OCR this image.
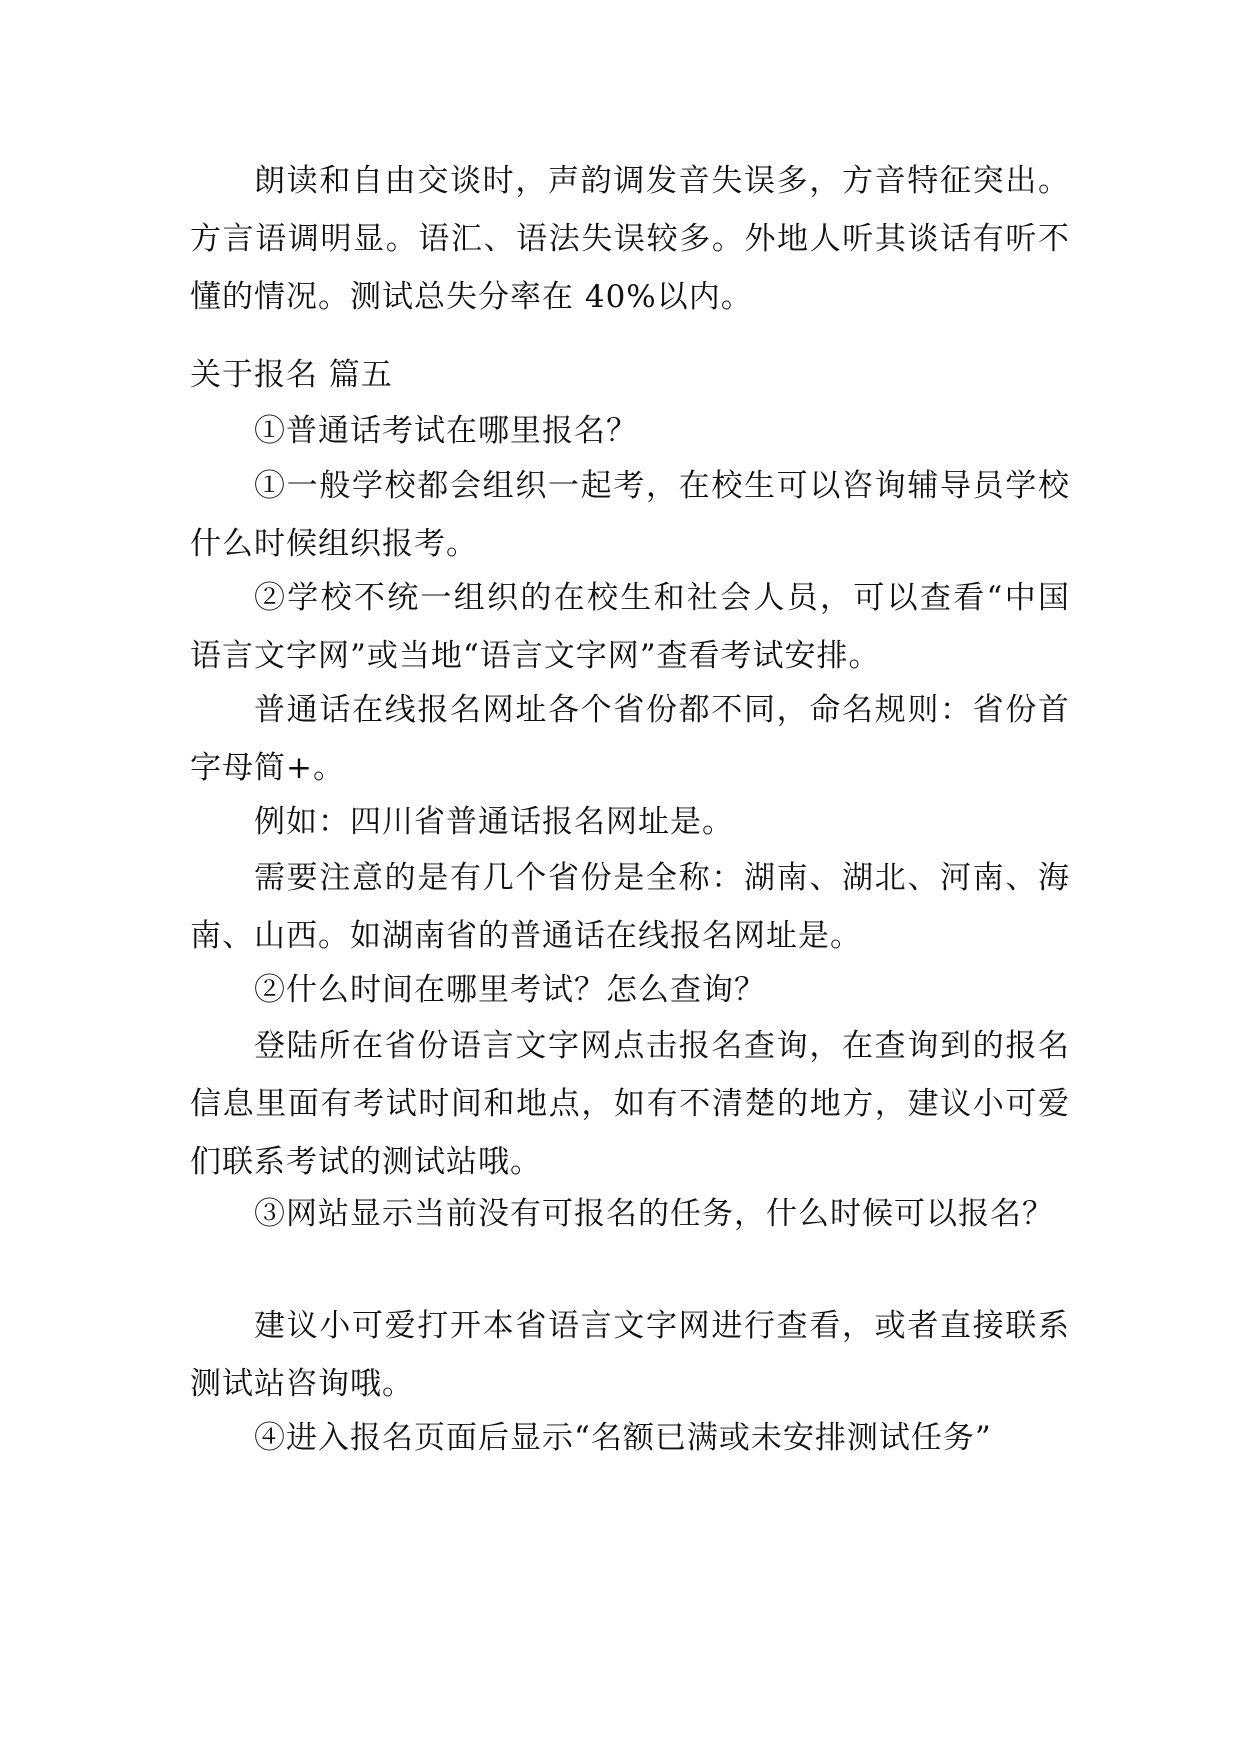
朗读和自由交谈时，声韵调发音失误多，方音特征突出。方言语调明显。语汇、语法失误较多。外地人听其谈话有听不懂的情况。测试总失分率在 40%以内。

关于报名 篇五

①普通话考试在哪里报名？

①一般学校都会组织一起考，在校生可以咨询辅导员学校什么时候组织报考。

②学校不统一组织的在校生和社会人员，可以查看“中国语言文字网”或当地“语言文字网”查看考试安排。

普通话在线报名网址各个省份都不同，命名规则：省份首字母简+。

例如：四川省普通话报名网址是。

需要注意的是有几个省份是全称：湖南、湖北、河南、海南、山西。如湖南省的普通话在线报名网址是。

②什么时间在哪里考试？怎么查询？

登陆所在省份语言文字网点击报名查询，在查询到的报名信息里面有考试时间和地点，如有不清楚的地方，建议小可爱们联系考试的测试站哦。

③网站显示当前没有可报名的任务，什么时候可以报名？

建议小可爱打开本省语言文字网进行查看，或者直接联系测试站咨询哦。

④进入报名页面后显示“名额已满或未安排测试任务”
